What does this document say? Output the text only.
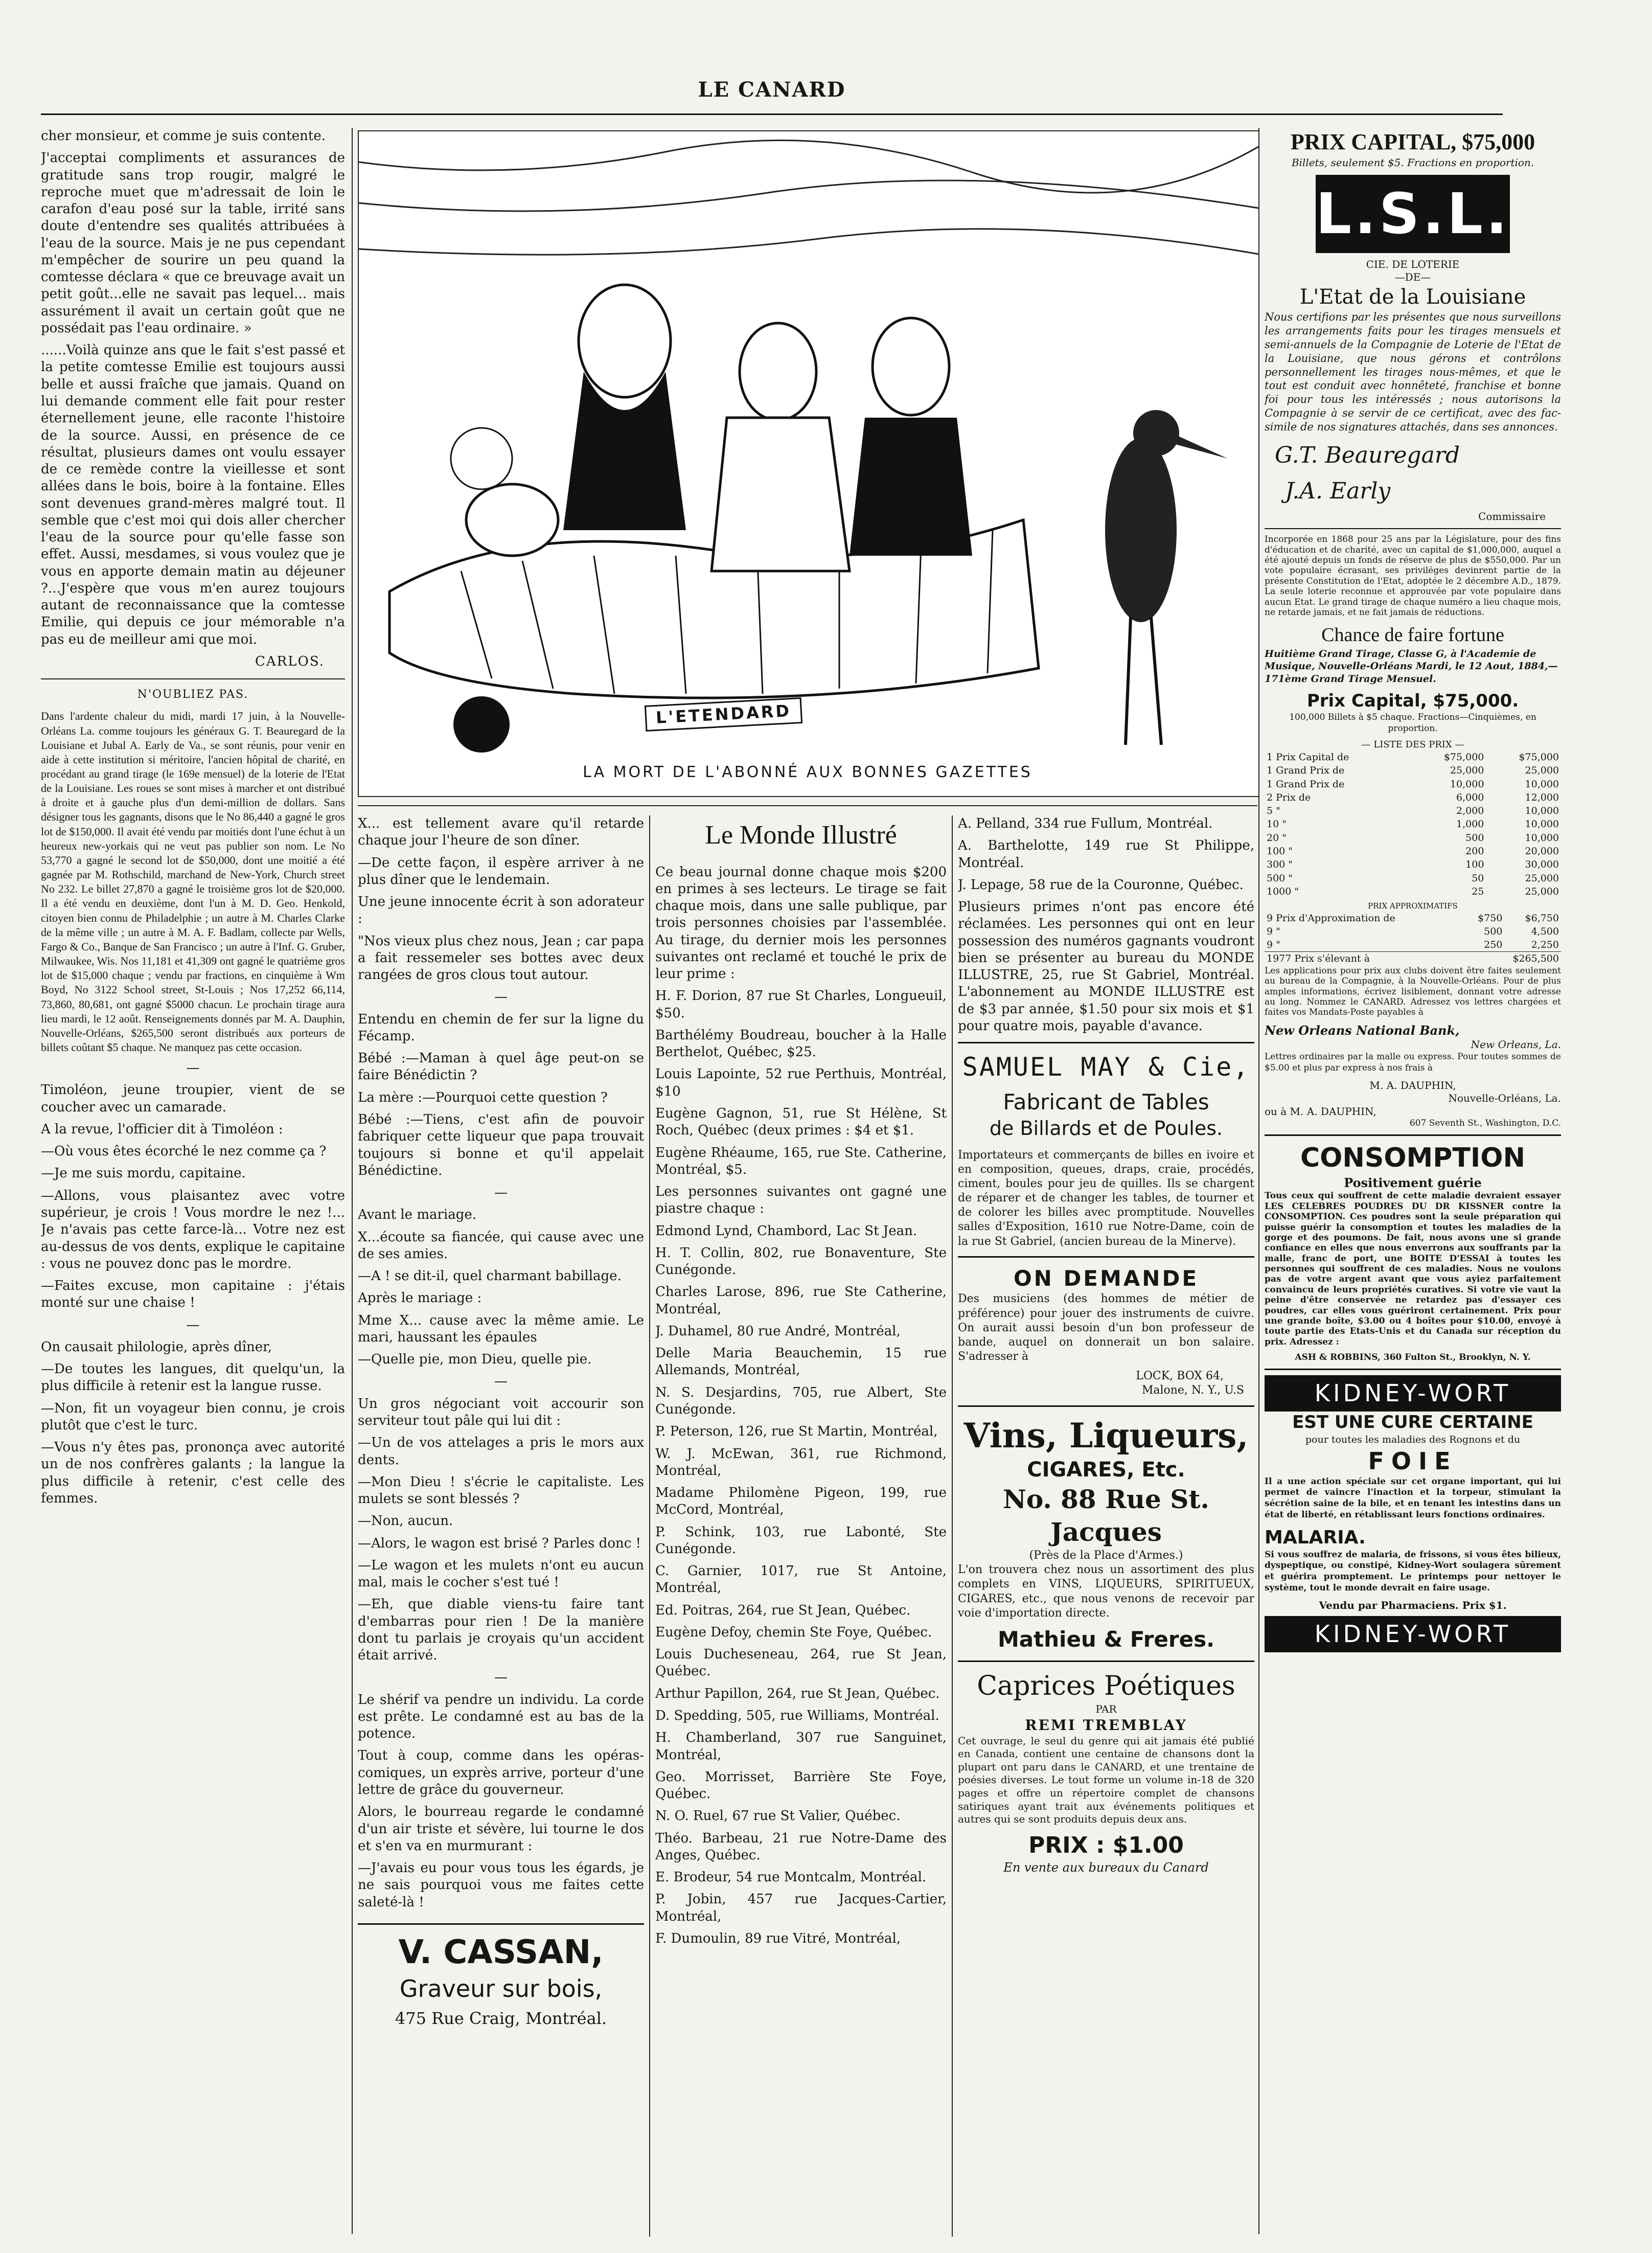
LE CANARD

cher monsieur, et comme je suis contente.

J'acceptai compliments et assurances de gratitude sans trop rougir, malgré le reproche muet que m'adressait de loin le carafon d'eau posé sur la table, irrité sans doute d'entendre ses qualités attribuées à l'eau de la source. Mais je ne pus cependant m'empêcher de sourire un peu quand la comtesse déclara « que ce breuvage avait un petit goût...elle ne savait pas lequel... mais assurément il avait un certain goût que ne possédait pas l'eau ordinaire. »

......Voilà quinze ans que le fait s'est passé et la petite comtesse Emilie est toujours aussi belle et aussi fraîche que jamais. Quand on lui demande comment elle fait pour rester éternellement jeune, elle raconte l'histoire de la source. Aussi, en présence de ce résultat, plusieurs dames ont voulu essayer de ce remède contre la vieillesse et sont allées dans le bois, boire à la fontaine. Elles sont devenues grand-mères malgré tout. Il semble que c'est moi qui dois aller chercher l'eau de la source pour qu'elle fasse son effet. Aussi, mesdames, si vous voulez que je vous en apporte demain matin au déjeuner ?...J'espère que vous m'en aurez toujours autant de reconnaissance que la comtesse Emilie, qui depuis ce jour mémorable n'a pas eu de meilleur ami que moi.

CARLOS.
N'OUBLIEZ PAS.

Dans l'ardente chaleur du midi, mardi 17 juin, à la Nouvelle-Orléans La. comme toujours les généraux G. T. Beauregard de la Louisiane et Jubal A. Early de Va., se sont réunis, pour venir en aide à cette institution si méritoire, l'ancien hôpital de charité, en procédant au grand tirage (le 169e mensuel) de la loterie de l'Etat de la Louisiane. Les roues se sont mises à marcher et ont distribué à droite et à gauche plus d'un demi-million de dollars. Sans désigner tous les gagnants, disons que le No 86,440 a gagné le gros lot de $150,000. Il avait été vendu par moitiés dont l'une échut à un heureux new-yorkais qui ne veut pas publier son nom. Le No 53,770 a gagné le second lot de $50,000, dont une moitié a été gagnée par M. Rothschild, marchand de New-York, Church street No 232. Le billet 27,870 a gagné le troisième gros lot de $20,000. Il a été vendu en deuxième, dont l'un à M. D. Geo. Henkold, citoyen bien connu de Philadelphie ; un autre à M. Charles Clarke de la même ville ; un autre à M. A. F. Badlam, collecte par Wells, Fargo & Co., Banque de San Francisco ; un autre à l'Inf. G. Gruber, Milwaukee, Wis. Nos 11,181 et 41,309 ont gagné le quatrième gros lot de $15,000 chaque ; vendu par fractions, en cinquième à Wm Boyd, No 3122 School street, St-Louis ; Nos 17,252 66,114, 73,860, 80,681, ont gagné $5000 chacun. Le prochain tirage aura lieu mardi, le 12 août. Renseignements donnés par M. A. Dauphin, Nouvelle-Orléans, $265,500 seront distribués aux porteurs de billets coûtant $5 chaque. Ne manquez pas cette occasion.

—

Timoléon, jeune troupier, vient de se coucher avec un camarade.

A la revue, l'officier dit à Timoléon :

—Où vous êtes écorché le nez comme ça ?

—Je me suis mordu, capitaine.

—Allons, vous plaisantez avec votre supérieur, je crois ! Vous mordre le nez !... Je n'avais pas cette farce-là... Votre nez est au-dessus de vos dents, explique le capitaine : vous ne pouvez donc pas le mordre.

—Faites excuse, mon capitaine : j'étais monté sur une chaise !

—

On causait philologie, après dîner,

—De toutes les langues, dit quelqu'un, la plus difficile à retenir est la langue russe.

—Non, fit un voyageur bien connu, je crois plutôt que c'est le turc.

—Vous n'y êtes pas, prononça avec autorité un de nos confrères galants ; la langue la plus difficile à retenir, c'est celle des femmes.

L'ETENDARD
LA MORT DE L'ABONNÉ AUX BONNES GAZETTES

X... est tellement avare qu'il retarde chaque jour l'heure de son dîner.

—De cette façon, il espère arriver à ne plus dîner que le lendemain.

Une jeune innocente écrit à son adorateur :

"Nos vieux plus chez nous, Jean ; car papa a fait ressemeler ses bottes avec deux rangées de gros clous tout autour.

—

Entendu en chemin de fer sur la ligne du Fécamp.

Bébé :—Maman à quel âge peut-on se faire Bénédictin ?

La mère :—Pourquoi cette question ?

Bébé :—Tiens, c'est afin de pouvoir fabriquer cette liqueur que papa trouvait toujours si bonne et qu'il appelait Bénédictine.

—

Avant le mariage.

X...écoute sa fiancée, qui cause avec une de ses amies.

—A ! se dit-il, quel charmant babillage.

Après le mariage :

Mme X... cause avec la même amie. Le mari, haussant les épaules

—Quelle pie, mon Dieu, quelle pie.

—

Un gros négociant voit accourir son serviteur tout pâle qui lui dit :

—Un de vos attelages a pris le mors aux dents.

—Mon Dieu ! s'écrie le capitaliste. Les mulets se sont blessés ?

—Non, aucun.

—Alors, le wagon est brisé ? Parles donc !

—Le wagon et les mulets n'ont eu aucun mal, mais le cocher s'est tué !

—Eh, que diable viens-tu faire tant d'embarras pour rien ! De la manière dont tu parlais je croyais qu'un accident était arrivé.

—

Le shérif va pendre un individu. La corde est prête. Le condamné est au bas de la potence.

Tout à coup, comme dans les opéras-comiques, un exprès arrive, porteur d'une lettre de grâce du gouverneur.

Alors, le bourreau regarde le condamné d'un air triste et sévère, lui tourne le dos et s'en va en murmurant :

—J'avais eu pour vous tous les égards, je ne sais pourquoi vous me faites cette saleté-là !

V. CASSAN,
Graveur sur bois,
475 Rue Craig, Montréal.
Le Monde Illustré

Ce beau journal donne chaque mois $200 en primes à ses lecteurs. Le tirage se fait chaque mois, dans une salle publique, par trois personnes choisies par l'assemblée. Au tirage, du dernier mois les personnes suivantes ont reclamé et touché le prix de leur prime :

H. F. Dorion, 87 rue St Charles, Longueuil, $50.

Barthélémy Boudreau, boucher à la Halle Berthelot, Québec, $25.

Louis Lapointe, 52 rue Perthuis, Montréal, $10

Eugène Gagnon, 51, rue St Hélène, St Roch, Québec (deux primes : $4 et $1.

Eugène Rhéaume, 165, rue Ste. Catherine, Montréal, $5.

Les personnes suivantes ont gagné une piastre chaque :

Edmond Lynd, Chambord, Lac St Jean.

H. T. Collin, 802, rue Bonaventure, Ste Cunégonde.

Charles Larose, 896, rue Ste Catherine, Montréal,

J. Duhamel, 80 rue André, Montréal,

Delle Maria Beauchemin, 15 rue Allemands, Montréal,

N. S. Desjardins, 705, rue Albert, Ste Cunégonde.

P. Peterson, 126, rue St Martin, Montréal,

W. J. McEwan, 361, rue Richmond, Montréal,

Madame Philomène Pigeon, 199, rue McCord, Montréal,

P. Schink, 103, rue Labonté, Ste Cunégonde.

C. Garnier, 1017, rue St Antoine, Montréal,

Ed. Poitras, 264, rue St Jean, Québec.

Eugène Defoy, chemin Ste Foye, Québec.

Louis Ducheseneau, 264, rue St Jean, Québec.

Arthur Papillon, 264, rue St Jean, Québec.

D. Spedding, 505, rue Williams, Montréal.

H. Chamberland, 307 rue Sanguinet, Montréal,

Geo. Morrisset, Barrière Ste Foye, Québec.

N. O. Ruel, 67 rue St Valier, Québec.

Théo. Barbeau, 21 rue Notre-Dame des Anges, Québec.

E. Brodeur, 54 rue Montcalm, Montréal.

P. Jobin, 457 rue Jacques-Cartier, Montréal,

F. Dumoulin, 89 rue Vitré, Montréal,

A. Pelland, 334 rue Fullum, Montréal.

A. Barthelotte, 149 rue St Philippe, Montréal.

J. Lepage, 58 rue de la Couronne, Québec.

Plusieurs primes n'ont pas encore été réclamées. Les personnes qui ont en leur possession des numéros gagnants voudront bien se présenter au bureau du MONDE ILLUSTRE, 25, rue St Gabriel, Montréal. L'abonnement au MONDE ILLUSTRE est de $3 par année, $1.50 pour six mois et $1 pour quatre mois, payable d'avance.

SAMUEL MAY & Cie,
Fabricant de Tables
de Billards et de Poules.

Importateurs et commerçants de billes en ivoire et en composition, queues, draps, craie, procédés, ciment, boules pour jeu de quilles. Ils se chargent de réparer et de changer les tables, de tourner et de colorer les billes avec promptitude. Nouvelles salles d'Exposition, 1610 rue Notre-Dame, coin de la rue St Gabriel, (ancien bureau de la Minerve).

ON DEMANDE

Des musiciens (des hommes de métier de préférence) pour jouer des instruments de cuivre. On aurait aussi besoin d'un bon professeur de bande, auquel on donnerait un bon salaire. S'adresser à

LOCK, BOX 64,
Malone, N. Y., U.S
Vins, Liqueurs,
CIGARES, Etc.
No. 88 Rue St. Jacques
(Près de la Place d'Armes.)

L'on trouvera chez nous un assortiment des plus complets en VINS, LIQUEURS, SPIRITUEUX, CIGARES, etc., que nous venons de recevoir par voie d'importation directe.

Mathieu & Freres.
Caprices Poétiques
PAR
REMI TREMBLAY

Cet ouvrage, le seul du genre qui ait jamais été publié en Canada, contient une centaine de chansons dont la plupart ont paru dans le CANARD, et une trentaine de poésies diverses. Le tout forme un volume in-18 de 320 pages et offre un répertoire complet de chansons satiriques ayant trait aux événements politiques et autres qui se sont produits depuis deux ans.

PRIX : $1.00
En vente aux bureaux du Canard
PRIX CAPITAL, $75,000
Billets, seulement $5. Fractions en proportion.
L.S.L.
CIE. DE LOTERIE
—DE—
L'Etat de la Louisiane

Nous certifions par les présentes que nous surveillons les arrangements faits pour les tirages mensuels et semi-annuels de la Compagnie de Loterie de l'Etat de la Louisiane, que nous gérons et contrôlons personnellement les tirages nous-mêmes, et que le tout est conduit avec honnêteté, franchise et bonne foi pour tous les intéressés ; nous autorisons la Compagnie à se servir de ce certificat, avec des fac-simile de nos signatures attachés, dans ses annonces.

G.T. Beauregard
J.A. Early
Commissaire

Incorporée en 1868 pour 25 ans par la Législature, pour des fins d'éducation et de charité, avec un capital de $1,000,000, auquel a été ajouté depuis un fonds de réserve de plus de $550,000. Par un vote populaire écrasant, ses priviléges devinrent partie de la présente Constitution de l'Etat, adoptée le 2 décembre A.D., 1879. La seule loterie reconnue et approuvée par vote populaire dans aucun Etat. Le grand tirage de chaque numéro a lieu chaque mois, ne retarde jamais, et ne fait jamais de réductions.

Chance de faire fortune
Huitième Grand Tirage, Classe G, à l'Academie de Musique, Nouvelle-Orléans Mardi, le 12 Aout, 1884,—171ème Grand Tirage Mensuel.
Prix Capital, $75,000.
100,000 Billets à $5 chaque. Fractions—Cinquièmes, en proportion.
— LISTE DES PRIX —
1 Prix Capital de	$75,000	$75,000
1 Grand Prix de	25,000	25,000
1 Grand Prix de	10,000	10,000
2 Prix de	6,000	12,000
5 "	2,000	10,000
10 "	1,000	10,000
20 "	500	10,000
100 "	200	20,000
300 "	100	30,000
500 "	50	25,000
1000 "	25	25,000
PRIX APPROXIMATIFS
9 Prix d'Approximation de	$750	$6,750
9 "	500	4,500
9 "	250	2,250
1977 Prix s'élevant à		$265,500

Les applications pour prix aux clubs doivent être faites seulement au bureau de la Compagnie, à la Nouvelle-Orléans. Pour de plus amples informations, écrivez lisiblement, donnant votre adresse au long. Nommez le CANARD. Adressez vos lettres chargées et faites vos Mandats-Poste payables à

New Orleans National Bank,
New Orleans, La.

Lettres ordinaires par la malle ou express. Pour toutes sommes de $5.00 et plus par express à nos frais à

M. A. DAUPHIN,
Nouvelle-Orléans, La.
ou à M. A. DAUPHIN,
607 Seventh St., Washington, D.C.
CONSOMPTION
Positivement guérie

Tous ceux qui souffrent de cette maladie devraient essayer LES CELEBRES POUDRES DU DR KISSNER contre la CONSOMPTION. Ces poudres sont la seule préparation qui puisse guérir la consomption et toutes les maladies de la gorge et des poumons. De fait, nous avons une si grande confiance en elles que nous enverrons aux souffrants par la malle, franc de port, une BOITE D'ESSAI à toutes les personnes qui souffrent de ces maladies. Nous ne voulons pas de votre argent avant que vous ayiez parfaitement convaincu de leurs propriétés curatives. Si votre vie vaut la peine d'être conservée ne retardez pas d'essayer ces poudres, car elles vous guériront certainement. Prix pour une grande boîte, $3.00 ou 4 boîtes pour $10.00, envoyé à toute partie des Etats-Unis et du Canada sur réception du prix. Adressez :

ASH & ROBBINS, 360 Fulton St., Brooklyn, N. Y.
KIDNEY-WORT
EST UNE CURE CERTAINE
pour toutes les maladies des Rognons et du
FOIE

Il a une action spéciale sur cet organe important, qui lui permet de vaincre l'inaction et la torpeur, stimulant la sécrétion saine de la bile, et en tenant les intestins dans un état de liberté, en rétablissant leurs fonctions ordinaires.

MALARIA.

Si vous souffrez de malaria, de frissons, si vous êtes bilieux, dyspeptique, ou constipé, Kidney-Wort soulagera sûrement et guérira promptement. Le printemps pour nettoyer le système, tout le monde devrait en faire usage.

Vendu par Pharmaciens. Prix $1.
KIDNEY-WORT
